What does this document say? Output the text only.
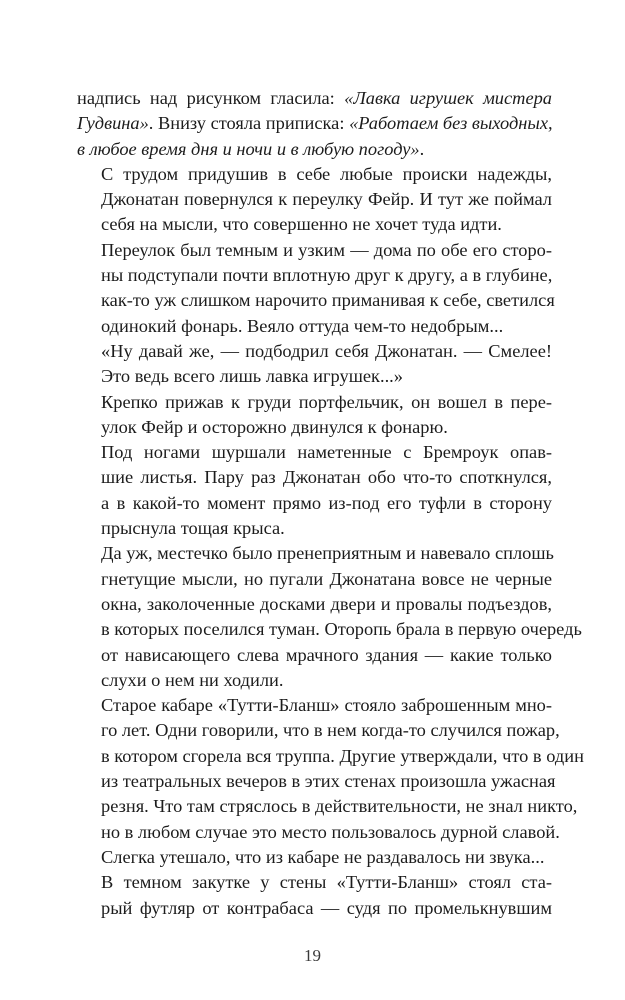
надпись над рисунком гласила: «Лавка игрушек мистера
Гудвина». Внизу стояла приписка: «Работаем без выходных,
в любое время дня и ночи и в любую погоду».

С трудом придушив в себе любые происки надежды,
Джонатан повернулся к переулку Фейр. И тут же поймал
себя на мысли, что совершенно не хочет туда идти.

Переулок был темным и узким — дома по обе его сторо-
ны подступали почти вплотную друг к другу, а в глубине,
как-то уж слишком нарочито приманивая к себе, светился
одинокий фонарь. Веяло оттуда чем-то недобрым...

«Ну давай же, — подбодрил себя Джонатан. — Смелее!
Это ведь всего лишь лавка игрушек...»

Крепко прижав к груди портфельчик, он вошел в пере-
улок Фейр и осторожно двинулся к фонарю.

Под ногами шуршали наметенные с Бремроук опав-
шие листья. Пару раз Джонатан обо что-то споткнулся,
а в какой-то момент прямо из-под его туфли в сторону
прыснула тощая крыса.

Да уж, местечко было пренеприятным и навевало сплошь
гнетущие мысли, но пугали Джонатана вовсе не черные
окна, заколоченные досками двери и провалы подъездов,
в которых поселился туман. Оторопь брала в первую очередь
от нависающего слева мрачного здания — какие только
слухи о нем ни ходили.

Старое кабаре «Тутти-Бланш» стояло заброшенным мно-
го лет. Одни говорили, что в нем когда-то случился пожар,
в котором сгорела вся труппа. Другие утверждали, что в один
из театральных вечеров в этих стенах произошла ужасная
резня. Что там стряслось в действительности, не знал никто,
но в любом случае это место пользовалось дурной славой.
Слегка утешало, что из кабаре не раздавалось ни звука...

В темном закутке у стены «Тутти-Бланш» стоял ста-
рый футляр от контрабаса — судя по промелькнувшим

19
